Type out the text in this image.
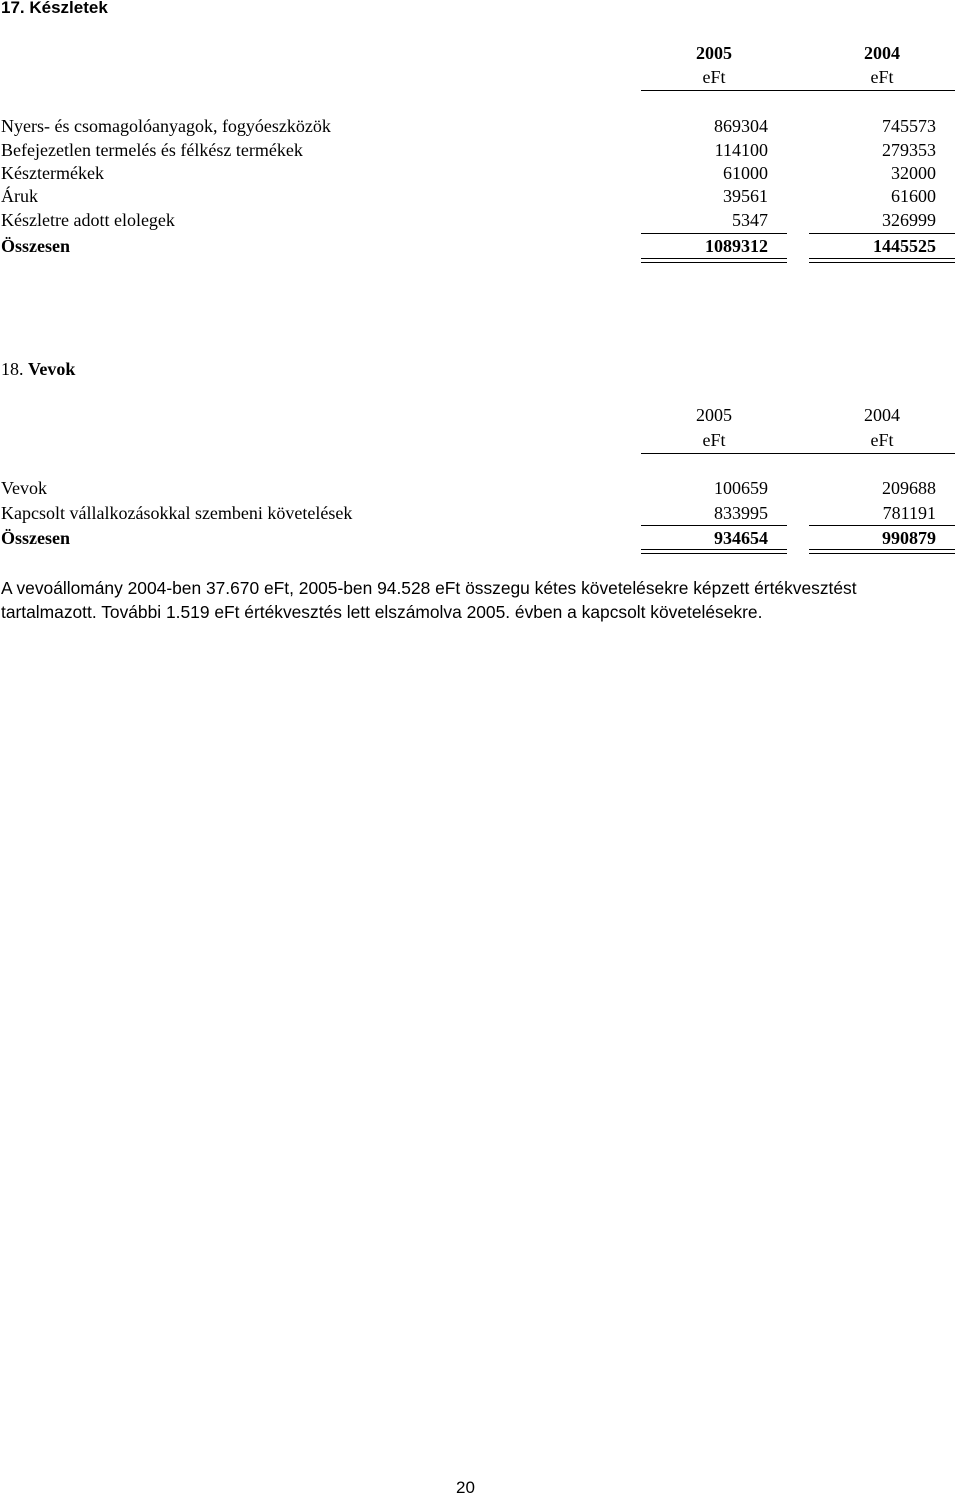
17. Készletek
2005	2004
eFt	eFt
Nyers- és csomagolóanyagok, fogyóeszközök	869304	745573
Befejezetlen termelés és félkész termékek	114100	279353
Késztermékek	61000	32000
Áruk	39561	61600
Készletre adott elolegek	5347	326999
Összesen	1089312	1445525
18. Vevok
2005	2004
eFt	eFt
Vevok	100659	209688
Kapcsolt vállalkozásokkal szembeni követelések	833995	781191
Összesen	934654	990879
A vevoállomány 2004-ben 37.670 eFt, 2005-ben 94.528 eFt összegu kétes követelésekre képzett értékvesztést
tartalmazott. További 1.519 eFt értékvesztés lett elszámolva 2005. évben a kapcsolt követelésekre.
20
